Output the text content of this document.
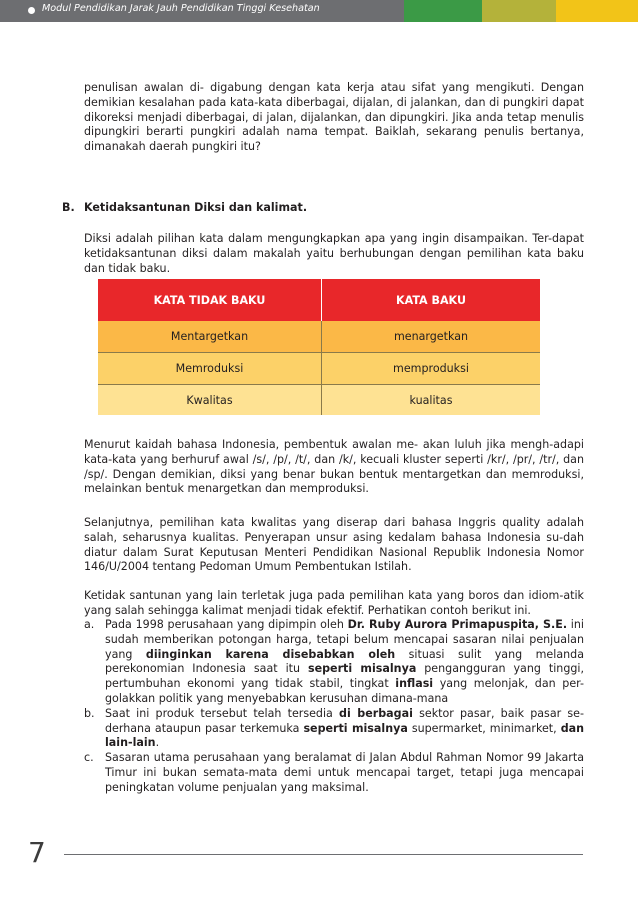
Modul Pendidikan Jarak Jauh Pendidikan Tinggi Kesehatan
penulisan awalan di- digabung dengan kata kerja atau sifat yang mengikuti. Dengan demikian kesalahan pada kata-kata diberbagai, dijalan, di jalankan, dan di pungkiri dapat dikoreksi menjadi diberbagai, di jalan, dijalankan, dan dipungkiri. Jika anda tetap menulis dipungkiri berarti pungkiri adalah nama tempat. Baiklah, sekarang penulis bertanya, dimanakah daerah pungkiri itu?
B. Ketidaksantunan Diksi dan kalimat.
Diksi adalah pilihan kata dalam mengungkapkan apa yang ingin disampaikan. Ter-dapat ketidaksantunan diksi dalam makalah yaitu berhubungan dengan pemilihan kata baku dan tidak baku.
KATA TIDAK BAKU	KATA BAKU
Mentargetkan	menargetkan
Memroduksi	memproduksi
Kwalitas	kualitas
Menurut kaidah bahasa Indonesia, pembentuk awalan me- akan luluh jika mengh-adapi kata-kata yang berhuruf awal /s/, /p/, /t/, dan /k/, kecuali kluster seperti /kr/, /pr/, /tr/, dan /sp/. Dengan demikian, diksi yang benar bukan bentuk mentargetkan dan memroduksi, melainkan bentuk menargetkan dan memproduksi.
Selanjutnya, pemilihan kata kwalitas yang diserap dari bahasa Inggris quality adalah salah, seharusnya kualitas. Penyerapan unsur asing kedalam bahasa Indonesia su-dah diatur dalam Surat Keputusan Menteri Pendidikan Nasional Republik Indonesia Nomor 146/U/2004 tentang Pedoman Umum Pembentukan Istilah.
Ketidak santunan yang lain terletak juga pada pemilihan kata yang boros dan idiom-atik yang salah sehingga kalimat menjadi tidak efektif. Perhatikan contoh berikut ini.
a. Pada 1998 perusahaan yang dipimpin oleh Dr. Ruby Aurora Primapuspita, S.E. ini sudah memberikan potongan harga, tetapi belum mencapai sasaran nilai penjualan yang diinginkan karena disebabkan oleh situasi sulit yang melanda perekonomian Indonesia saat itu seperti misalnya pengangguran yang tinggi, pertumbuhan ekonomi yang tidak stabil, tingkat inflasi yang melonjak, dan per-golakkan politik yang menyebabkan kerusuhan dimana-mana
b. Saat ini produk tersebut telah tersedia di berbagai sektor pasar, baik pasar se-derhana ataupun pasar terkemuka seperti misalnya supermarket, minimarket, dan lain-lain.
c. Sasaran utama perusahaan yang beralamat di Jalan Abdul Rahman Nomor 99 Jakarta Timur ini bukan semata-mata demi untuk mencapai target, tetapi juga mencapai peningkatan volume penjualan yang maksimal.
7
